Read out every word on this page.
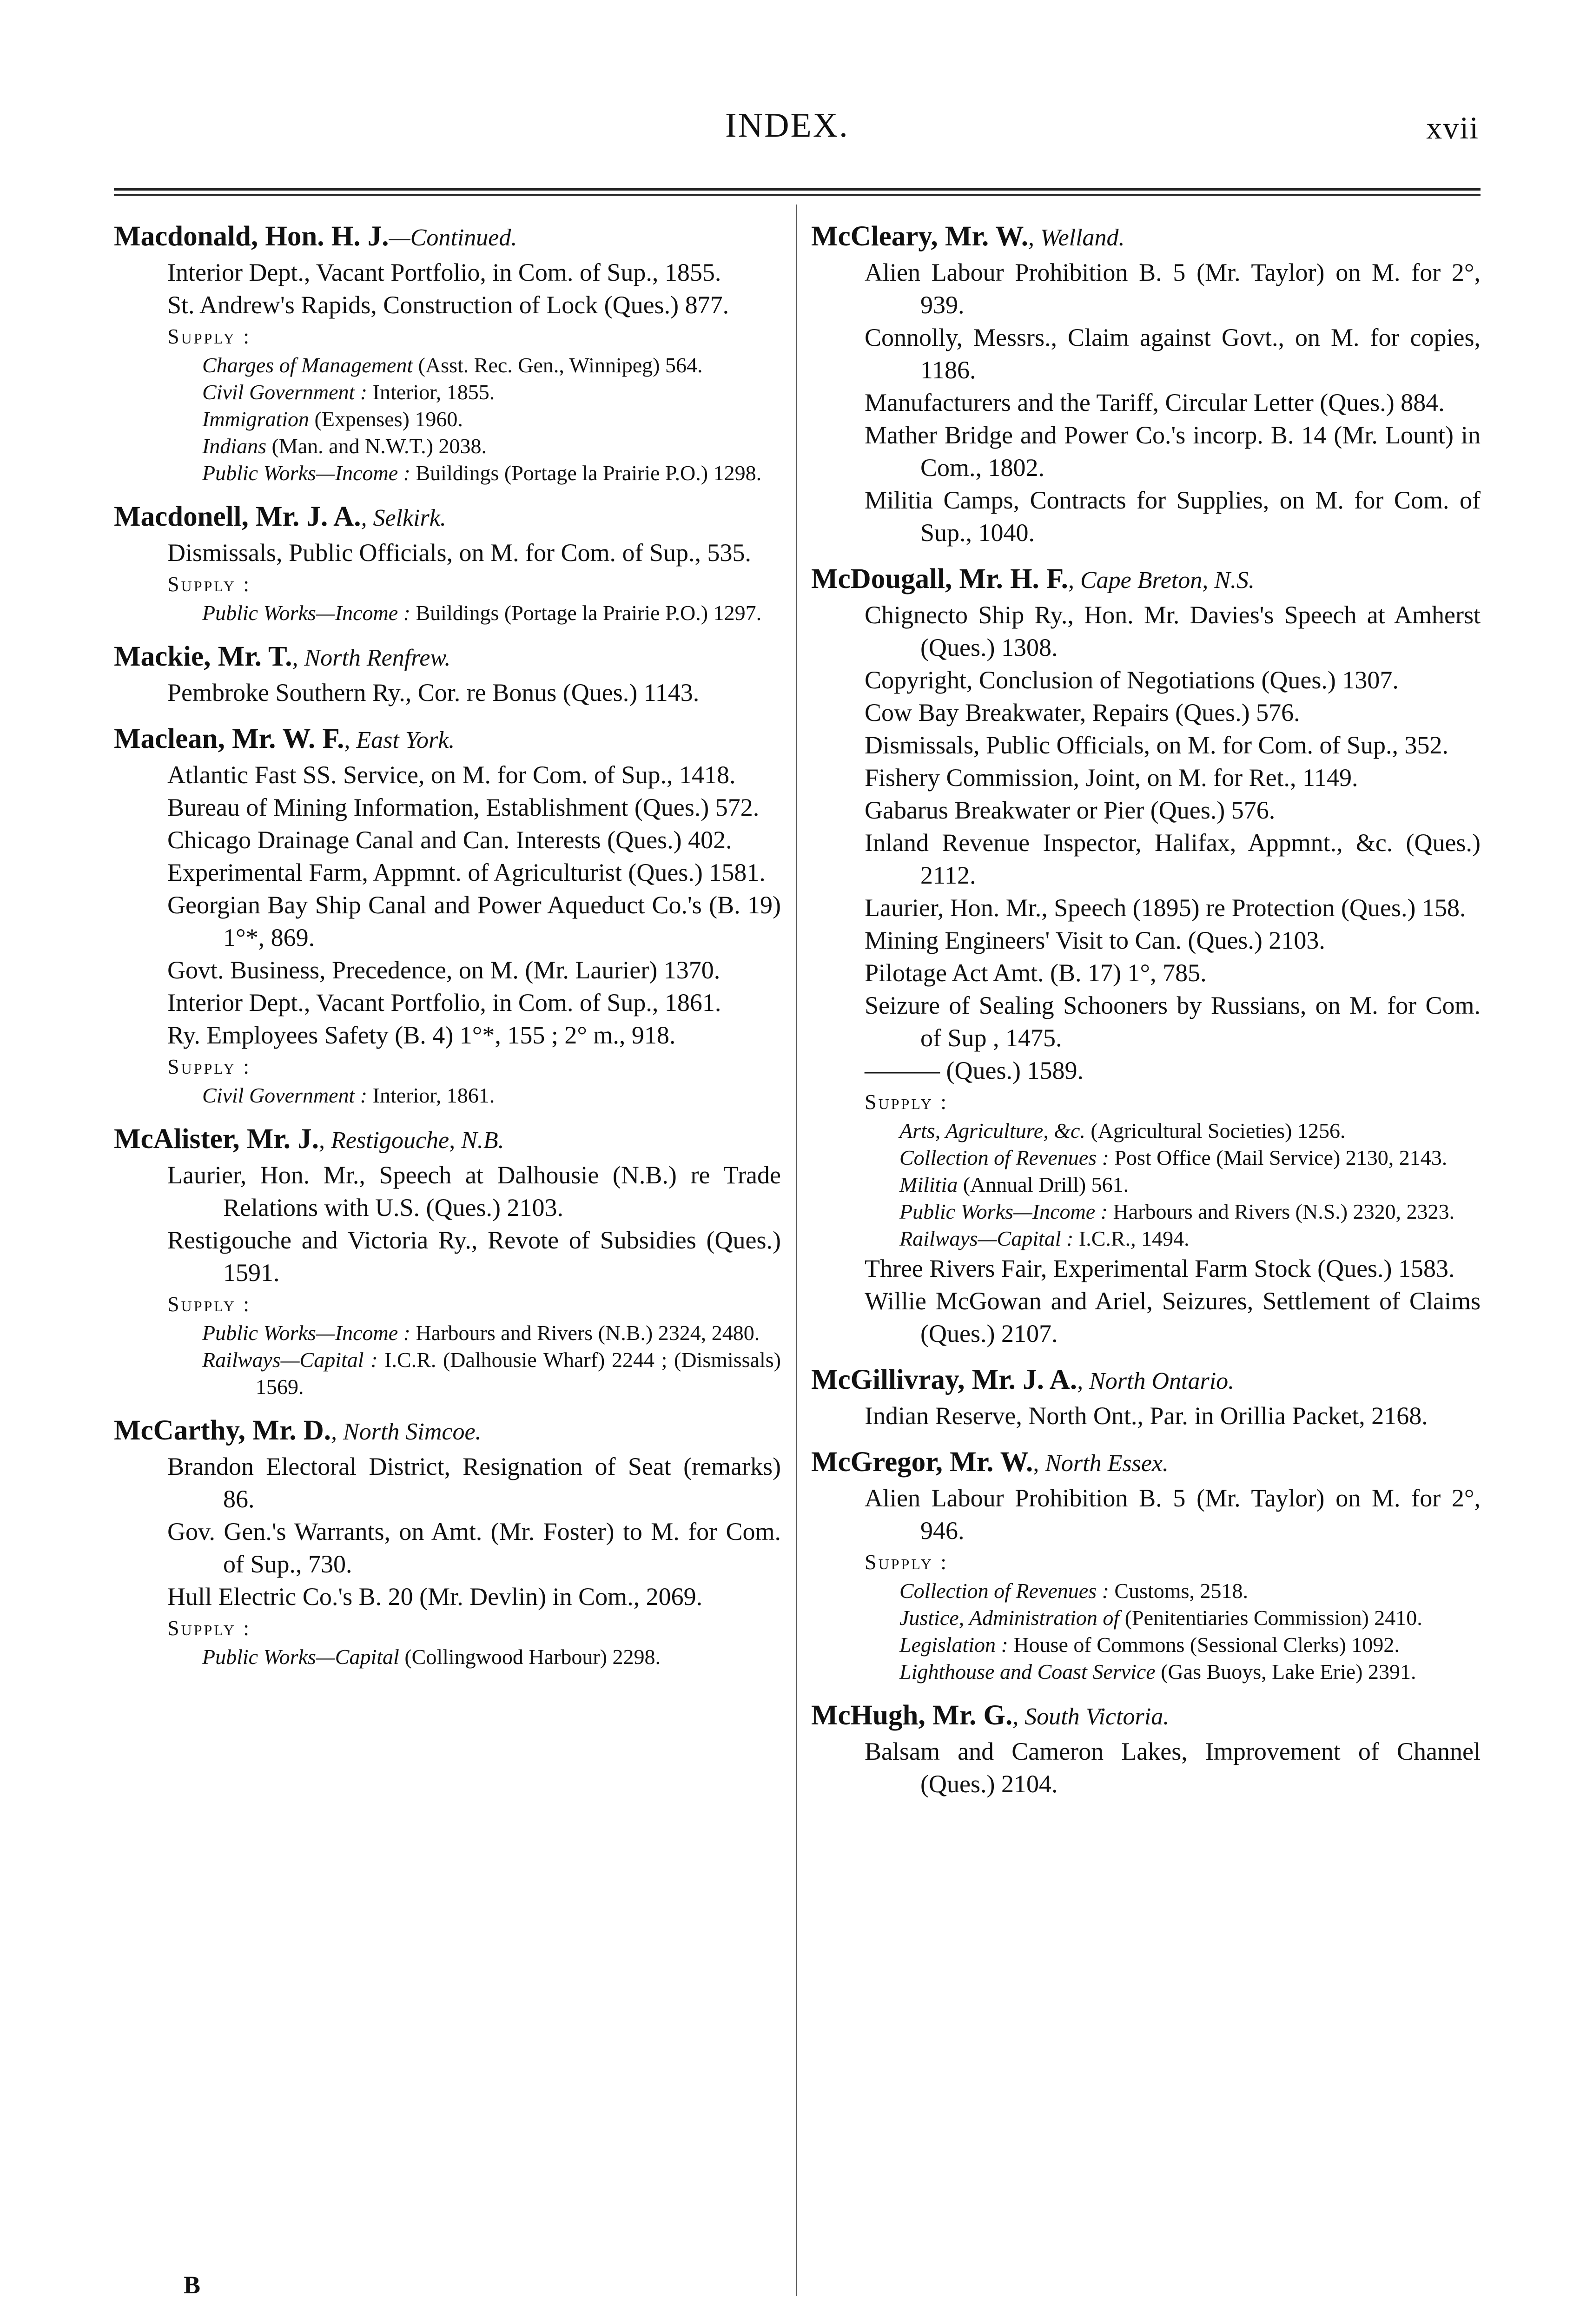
INDEX.	xvii
Macdonald, Hon. H. J.—Continued.
Interior Dept., Vacant Portfolio, in Com. of Sup., 1855.
St. Andrew's Rapids, Construction of Lock (Ques.) 877.
Supply :
Charges of Management (Asst. Rec. Gen., Winnipeg) 564.
Civil Government : Interior, 1855.
Immigration (Expenses) 1960.
Indians (Man. and N.W.T.) 2038.
Public Works—Income : Buildings (Portage la Prairie P.O.) 1298.
Macdonell, Mr. J. A., Selkirk.
Dismissals, Public Officials, on M. for Com. of Sup., 535.
Supply :
Public Works—Income : Buildings (Portage la Prairie P.O.) 1297.
Mackie, Mr. T., North Renfrew.
Pembroke Southern Ry., Cor. re Bonus (Ques.) 1143.
Maclean, Mr. W. F., East York.
Atlantic Fast SS. Service, on M. for Com. of Sup., 1418.
Bureau of Mining Information, Establishment (Ques.) 572.
Chicago Drainage Canal and Can. Interests (Ques.) 402.
Experimental Farm, Appmnt. of Agriculturist (Ques.) 1581.
Georgian Bay Ship Canal and Power Aqueduct Co.'s (B. 19) 1°*, 869.
Govt. Business, Precedence, on M. (Mr. Laurier) 1370.
Interior Dept., Vacant Portfolio, in Com. of Sup., 1861.
Ry. Employees Safety (B. 4) 1°*, 155 ; 2° m., 918.
Supply :
Civil Government : Interior, 1861.
McAlister, Mr. J., Restigouche, N.B.
Laurier, Hon. Mr., Speech at Dalhousie (N.B.) re Trade Relations with U.S. (Ques.) 2103.
Restigouche and Victoria Ry., Revote of Subsidies (Ques.) 1591.
Supply :
Public Works—Income : Harbours and Rivers (N.B.) 2324, 2480.
Railways—Capital : I.C.R. (Dalhousie Wharf) 2244 ; (Dismissals) 1569.
McCarthy, Mr. D., North Simcoe.
Brandon Electoral District, Resignation of Seat (remarks) 86.
Gov. Gen.'s Warrants, on Amt. (Mr. Foster) to M. for Com. of Sup., 730.
Hull Electric Co.'s B. 20 (Mr. Devlin) in Com., 2069.
Supply :
Public Works—Capital (Collingwood Harbour) 2298.
McCleary, Mr. W., Welland.
Alien Labour Prohibition B. 5 (Mr. Taylor) on M. for 2°, 939.
Connolly, Messrs., Claim against Govt., on M. for copies, 1186.
Manufacturers and the Tariff, Circular Letter (Ques.) 884.
Mather Bridge and Power Co.'s incorp. B. 14 (Mr. Lount) in Com., 1802.
Militia Camps, Contracts for Supplies, on M. for Com. of Sup., 1040.
McDougall, Mr. H. F., Cape Breton, N.S.
Chignecto Ship Ry., Hon. Mr. Davies's Speech at Amherst (Ques.) 1308.
Copyright, Conclusion of Negotiations (Ques.) 1307.
Cow Bay Breakwater, Repairs (Ques.) 576.
Dismissals, Public Officials, on M. for Com. of Sup., 352.
Fishery Commission, Joint, on M. for Ret., 1149.
Gabarus Breakwater or Pier (Ques.) 576.
Inland Revenue Inspector, Halifax, Appmnt., &c. (Ques.) 2112.
Laurier, Hon. Mr., Speech (1895) re Protection (Ques.) 158.
Mining Engineers' Visit to Can. (Ques.) 2103.
Pilotage Act Amt. (B. 17) 1°, 785.
Seizure of Sealing Schooners by Russians, on M. for Com. of Sup , 1475.
——— (Ques.) 1589.
Supply :
Arts, Agriculture, &c. (Agricultural Societies) 1256.
Collection of Revenues : Post Office (Mail Service) 2130, 2143.
Militia (Annual Drill) 561.
Public Works—Income : Harbours and Rivers (N.S.) 2320, 2323.
Railways—Capital : I.C.R., 1494.
Three Rivers Fair, Experimental Farm Stock (Ques.) 1583.
Willie McGowan and Ariel, Seizures, Settlement of Claims (Ques.) 2107.
McGillivray, Mr. J. A., North Ontario.
Indian Reserve, North Ont., Par. in Orillia Packet, 2168.
McGregor, Mr. W., North Essex.
Alien Labour Prohibition B. 5 (Mr. Taylor) on M. for 2°, 946.
Supply :
Collection of Revenues : Customs, 2518.
Justice, Administration of (Penitentiaries Commission) 2410.
Legislation : House of Commons (Sessional Clerks) 1092.
Lighthouse and Coast Service (Gas Buoys, Lake Erie) 2391.
McHugh, Mr. G., South Victoria.
Balsam and Cameron Lakes, Improvement of Channel (Ques.) 2104.
B
